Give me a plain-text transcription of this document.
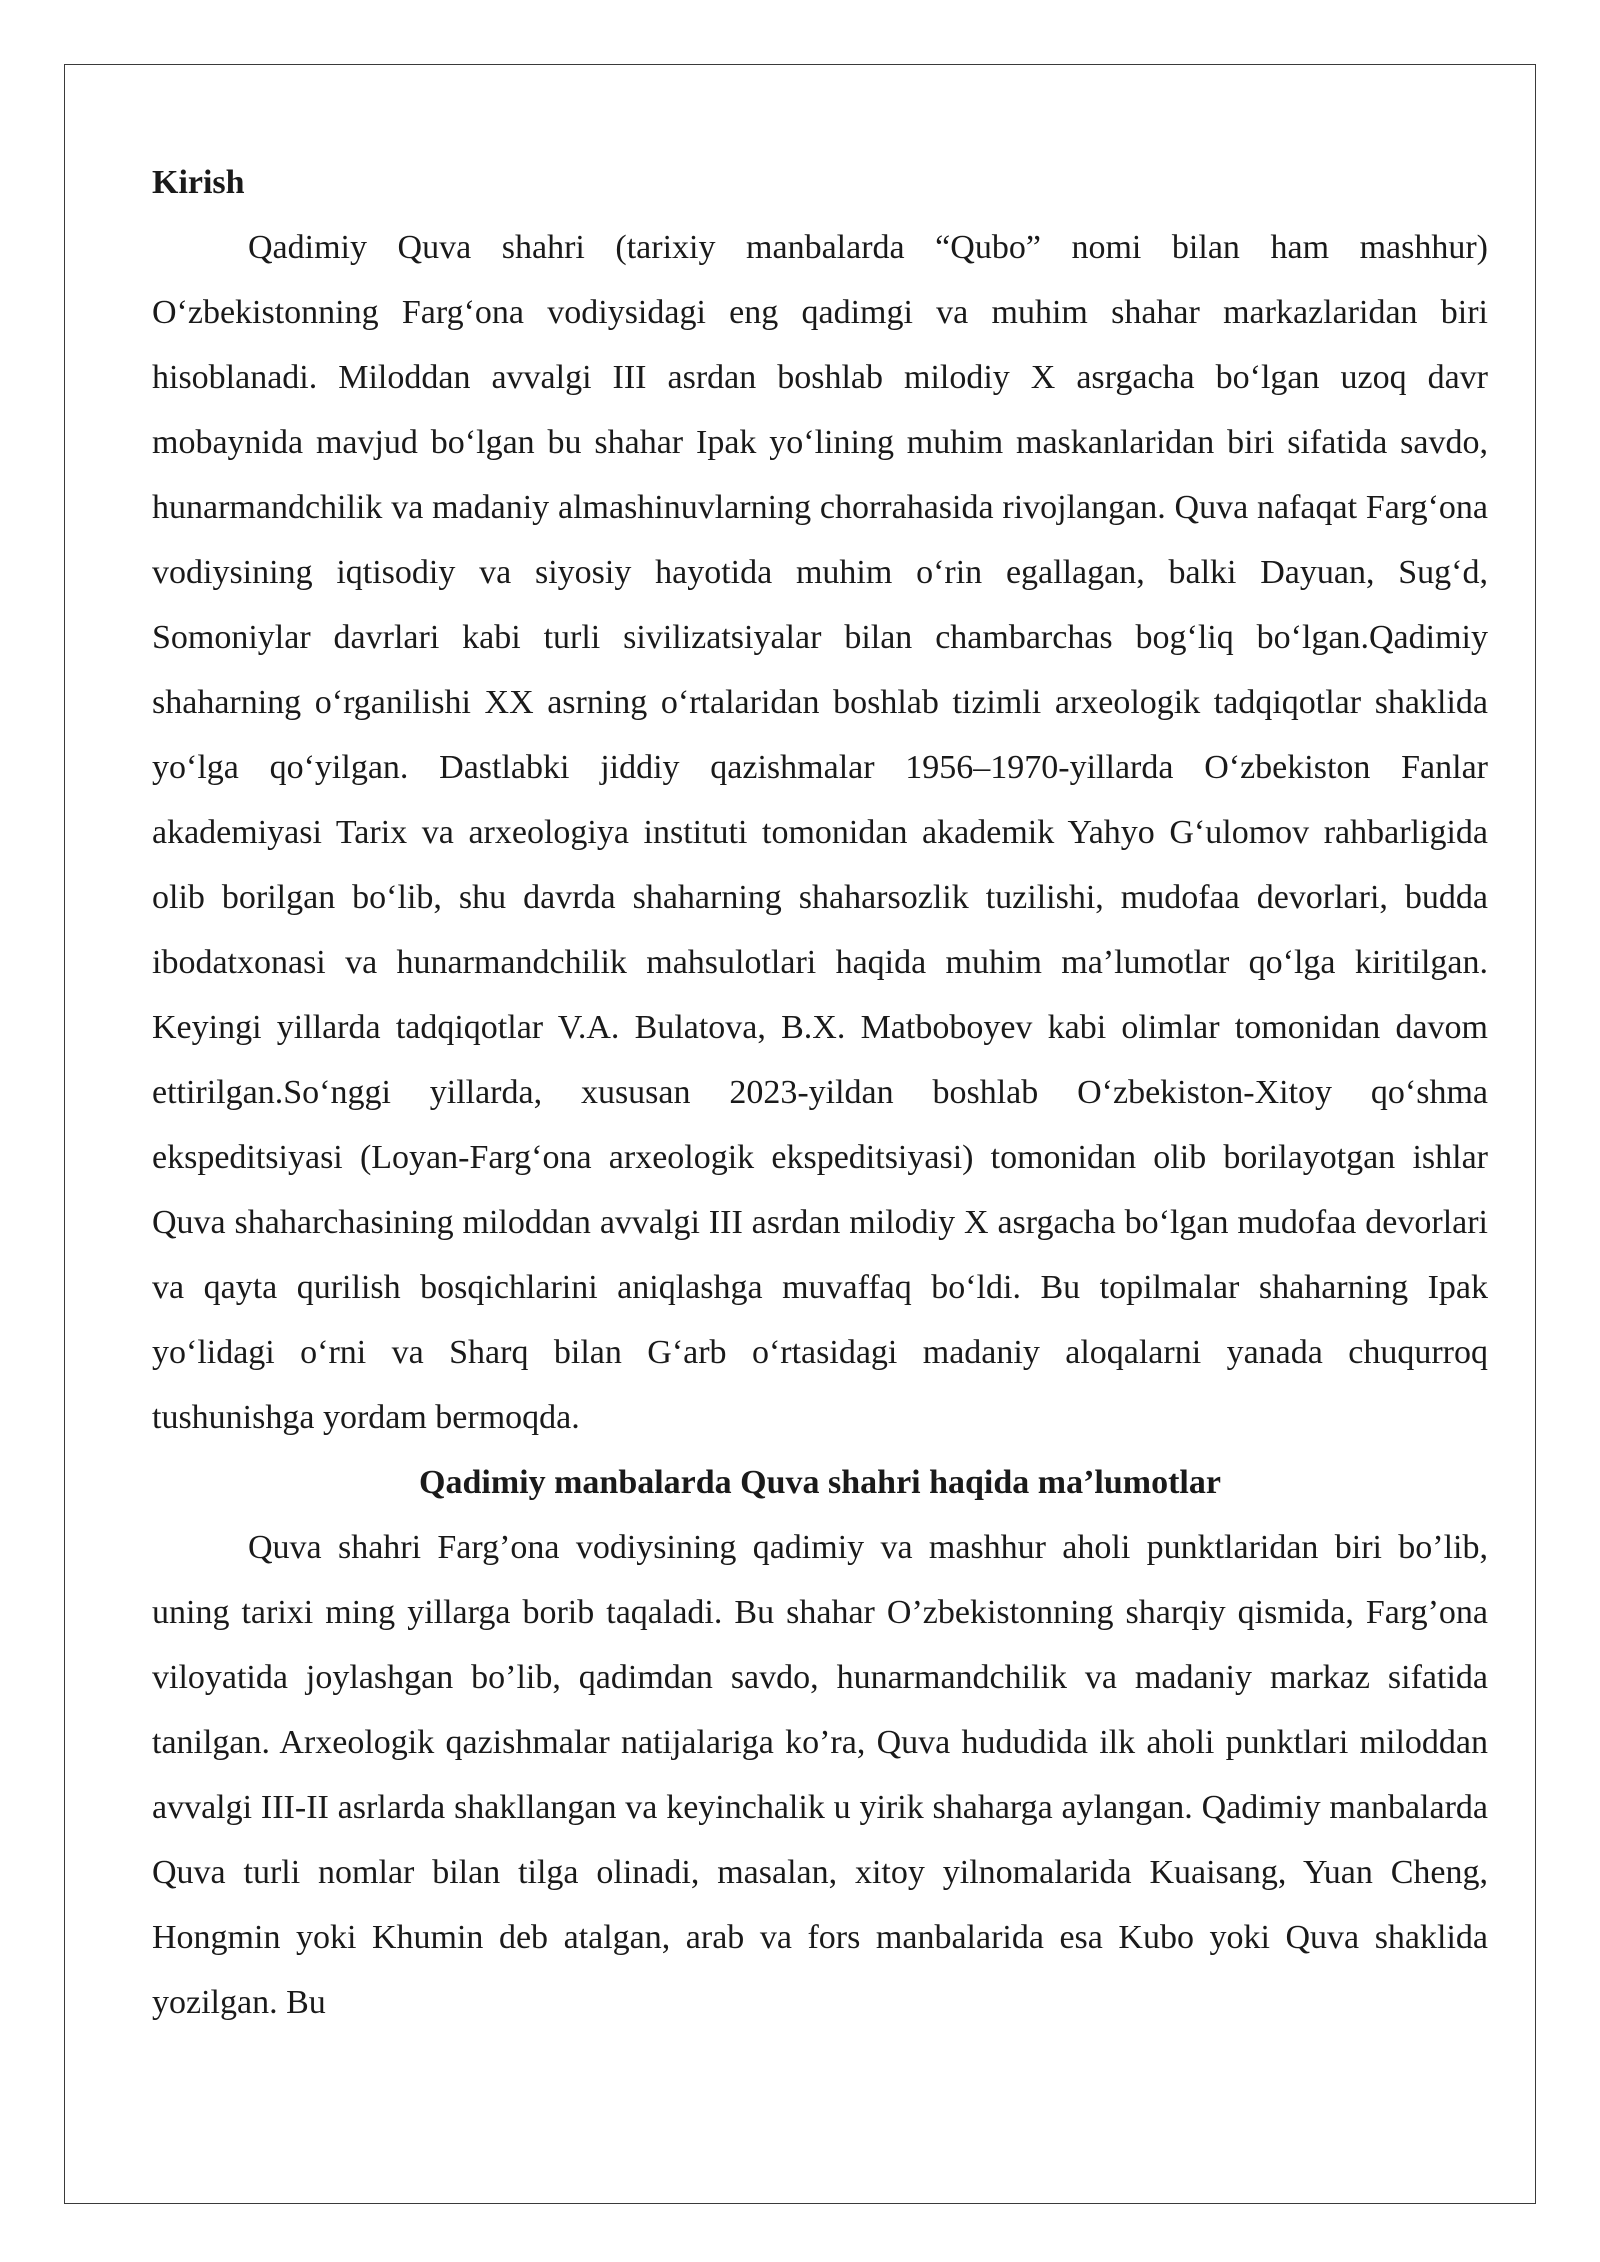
Kirish

Qadimiy Quva shahri (tarixiy manbalarda “Qubo” nomi bilan ham mashhur) O‘zbekistonning Farg‘ona vodiysidagi eng qadimgi va muhim shahar markazlaridan biri hisoblanadi. Miloddan avvalgi III asrdan boshlab milodiy X asrgacha bo‘lgan uzoq davr mobaynida mavjud bo‘lgan bu shahar Ipak yo‘lining muhim maskanlaridan biri sifatida savdo, hunarmandchilik va madaniy almashinuvlarning chorrahasida rivojlangan. Quva nafaqat Farg‘ona vodiysining iqtisodiy va siyosiy hayotida muhim o‘rin egallagan, balki Dayuan, Sug‘d, Somoniylar davrlari kabi turli sivilizatsiyalar bilan chambarchas bog‘liq bo‘lgan.Qadimiy shaharning o‘rganilishi XX asrning o‘rtalaridan boshlab tizimli arxeologik tadqiqotlar shaklida yo‘lga qo‘yilgan. Dastlabki jiddiy qazishmalar 1956–1970-yillarda O‘zbekiston Fanlar akademiyasi Tarix va arxeologiya instituti tomonidan akademik Yahyo G‘ulomov rahbarligida olib borilgan bo‘lib, shu davrda shaharning shaharsozlik tuzilishi, mudofaa devorlari, budda ibodatxonasi va hunarmandchilik mahsulotlari haqida muhim ma’lumotlar qo‘lga kiritilgan. Keyingi yillarda tadqiqotlar V.A. Bulatova, B.X. Matboboyev kabi olimlar tomonidan davom ettirilgan.So‘nggi yillarda, xususan 2023-yildan boshlab O‘zbekiston-Xitoy qo‘shma ekspeditsiyasi (Loyan-Farg‘ona arxeologik ekspeditsiyasi) tomonidan olib borilayotgan ishlar Quva shaharchasining miloddan avvalgi III asrdan milodiy X asrgacha bo‘lgan mudofaa devorlari va qayta qurilish bosqichlarini aniqlashga muvaffaq bo‘ldi. Bu topilmalar shaharning Ipak yo‘lidagi o‘rni va Sharq bilan G‘arb o‘rtasidagi madaniy aloqalarni yanada chuqurroq tushunishga yordam bermoqda.

Qadimiy manbalarda Quva shahri haqida ma’lumotlar

Quva shahri Farg’ona vodiysining qadimiy va mashhur aholi punktlaridan biri bo’lib, uning tarixi ming yillarga borib taqaladi. Bu shahar O’zbekistonning sharqiy qismida, Farg’ona viloyatida joylashgan bo’lib, qadimdan savdo, hunarmandchilik va madaniy markaz sifatida tanilgan. Arxeologik qazishmalar natijalariga ko’ra, Quva hududida ilk aholi punktlari miloddan avvalgi III-II asrlarda shakllangan va keyinchalik u yirik shaharga aylangan. Qadimiy manbalarda Quva turli nomlar bilan tilga olinadi, masalan, xitoy yilnomalarida Kuaisang, Yuan Cheng, Hongmin yoki Khumin deb atalgan, arab va fors manbalarida esa Kubo yoki Quva shaklida yozilgan. Bu
